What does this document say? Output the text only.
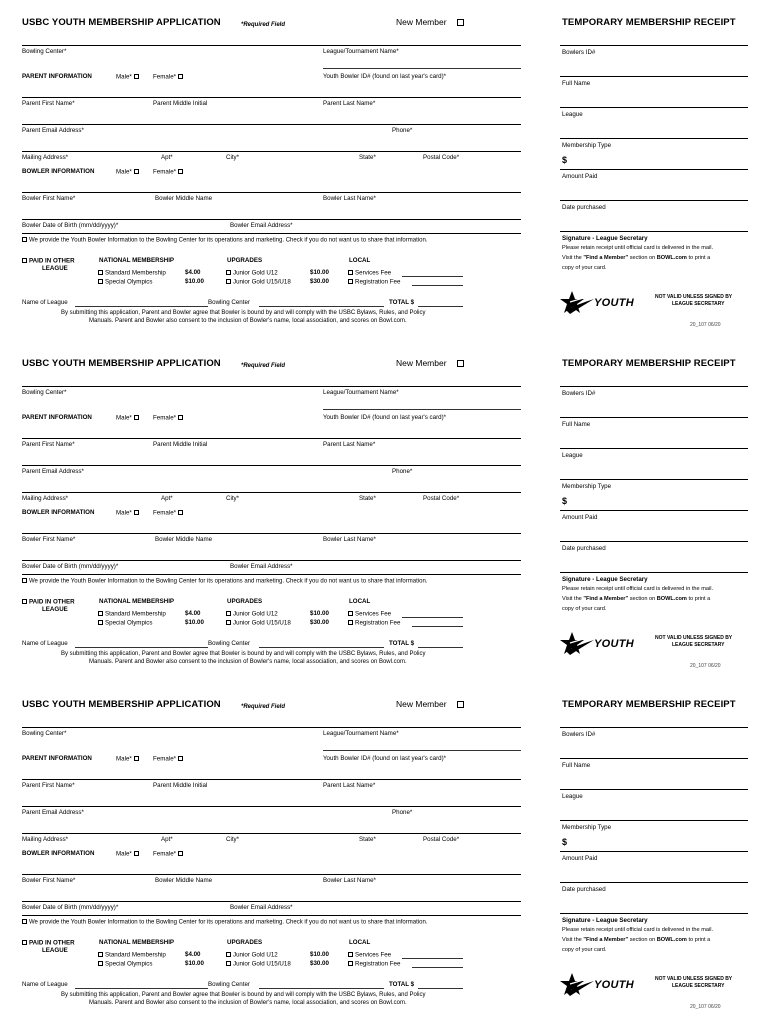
USBC YOUTH MEMBERSHIP APPLICATION	*Required Field	New Member
Bowling Center*	League/Tournament Name*
PARENT INFORMATION	Male*	Female*	Youth Bowler ID# (found on last year's card)*
Parent First Name*	Parent Middle Initial	Parent Last Name*
Parent Email Address*	Phone*
Mailing Address*	Apt*	City*	State*	Postal Code*
BOWLER INFORMATION	Male*	Female*
Bowler First Name*	Bowler Middle Name	Bowler Last Name*
Bowler Date of Birth (mm/dd/yyyy)*	Bowler Email Address*
We provide the Youth Bowler Information to the Bowling Center for its operations and marketing. Check if you do not want us to share that information.
PAID IN OTHER
LEAGUE
NATIONAL MEMBERSHIP
Standard Membership	$4.00
Special Olympics	$10.00
UPGRADES
Junior Gold U12	$10.00
Junior Gold U15/U18	$30.00
LOCAL
Services Fee
Registration Fee
Name of League	Bowling Center	TOTAL $
By submitting this application, Parent and Bowler agree that Bowler is bound by and will comply with the USBC Bylaws, Rules, and Policy
Manuals. Parent and Bowler also consent to the inclusion of Bowler's name, local association, and scores on Bowl.com.
TEMPORARY MEMBERSHIP RECEIPT
Bowlers ID#
Full Name
League
Membership Type
$
Amount Paid
Date purchased
Signature - League Secretary
Please retain receipt until official card is delivered in the mail.
Visit the "Find a Member" section on BOWL.com to print a
copy of your card.
YOUTH	NOT VALID UNLESS SIGNED BY
LEAGUE SECRETARY
20_107 06/20
USBC YOUTH MEMBERSHIP APPLICATION	*Required Field	New Member
Bowling Center*	League/Tournament Name*
PARENT INFORMATION	Male*	Female*	Youth Bowler ID# (found on last year's card)*
Parent First Name*	Parent Middle Initial	Parent Last Name*
Parent Email Address*	Phone*
Mailing Address*	Apt*	City*	State*	Postal Code*
BOWLER INFORMATION	Male*	Female*
Bowler First Name*	Bowler Middle Name	Bowler Last Name*
Bowler Date of Birth (mm/dd/yyyy)*	Bowler Email Address*
We provide the Youth Bowler Information to the Bowling Center for its operations and marketing. Check if you do not want us to share that information.
PAID IN OTHER
LEAGUE
NATIONAL MEMBERSHIP
Standard Membership	$4.00
Special Olympics	$10.00
UPGRADES
Junior Gold U12	$10.00
Junior Gold U15/U18	$30.00
LOCAL
Services Fee
Registration Fee
Name of League	Bowling Center	TOTAL $
By submitting this application, Parent and Bowler agree that Bowler is bound by and will comply with the USBC Bylaws, Rules, and Policy
Manuals. Parent and Bowler also consent to the inclusion of Bowler's name, local association, and scores on Bowl.com.
TEMPORARY MEMBERSHIP RECEIPT
Bowlers ID#
Full Name
League
Membership Type
$
Amount Paid
Date purchased
Signature - League Secretary
Please retain receipt until official card is delivered in the mail.
Visit the "Find a Member" section on BOWL.com to print a
copy of your card.
YOUTH	NOT VALID UNLESS SIGNED BY
LEAGUE SECRETARY
20_107 06/20
USBC YOUTH MEMBERSHIP APPLICATION	*Required Field	New Member
Bowling Center*	League/Tournament Name*
PARENT INFORMATION	Male*	Female*	Youth Bowler ID# (found on last year's card)*
Parent First Name*	Parent Middle Initial	Parent Last Name*
Parent Email Address*	Phone*
Mailing Address*	Apt*	City*	State*	Postal Code*
BOWLER INFORMATION	Male*	Female*
Bowler First Name*	Bowler Middle Name	Bowler Last Name*
Bowler Date of Birth (mm/dd/yyyy)*	Bowler Email Address*
We provide the Youth Bowler Information to the Bowling Center for its operations and marketing. Check if you do not want us to share that information.
PAID IN OTHER
LEAGUE
NATIONAL MEMBERSHIP
Standard Membership	$4.00
Special Olympics	$10.00
UPGRADES
Junior Gold U12	$10.00
Junior Gold U15/U18	$30.00
LOCAL
Services Fee
Registration Fee
Name of League	Bowling Center	TOTAL $
By submitting this application, Parent and Bowler agree that Bowler is bound by and will comply with the USBC Bylaws, Rules, and Policy
Manuals. Parent and Bowler also consent to the inclusion of Bowler's name, local association, and scores on Bowl.com.
TEMPORARY MEMBERSHIP RECEIPT
Bowlers ID#
Full Name
League
Membership Type
$
Amount Paid
Date purchased
Signature - League Secretary
Please retain receipt until official card is delivered in the mail.
Visit the "Find a Member" section on BOWL.com to print a
copy of your card.
YOUTH	NOT VALID UNLESS SIGNED BY
LEAGUE SECRETARY
20_107 06/20
